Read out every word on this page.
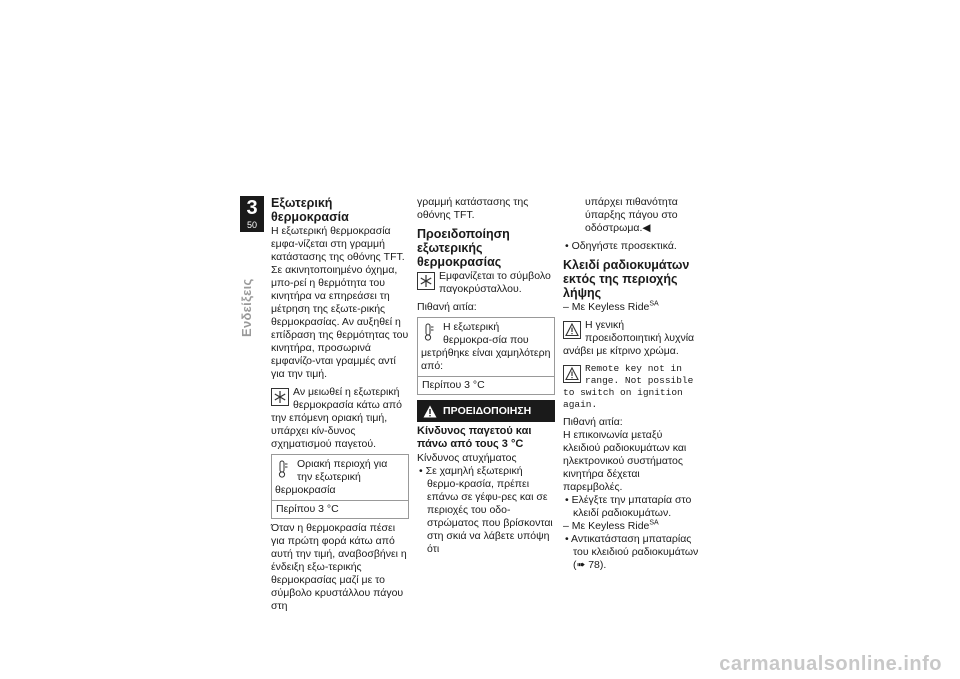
3
50
Ενδείξεις
Εξωτερική θερμοκρασία

Η εξωτερική θερμοκρασία εμφα-νίζεται στη γραμμή κατάστασης της οθόνης TFT.

Σε ακινητοποιημένο όχημα, μπο-ρεί η θερμότητα του κινητήρα να επηρεάσει τη μέτρηση της εξωτε-ρικής θερμοκρασίας. Αν αυξηθεί η επίδραση της θερμότητας του κινητήρα, προσωρινά εμφανίζο-νται γραμμές αντί για την τιμή.

Αν μειωθεί η εξωτερική θερμοκρασία κάτω από την επόμενη οριακή τιμή, υπάρχει κίν-δυνος σχηματισμού παγετού.

Οριακή περιοχή για την εξωτερική θερμοκρασία
Περίπου 3 °C

Όταν η θερμοκρασία πέσει για πρώτη φορά κάτω από αυτή την τιμή, αναβοσβήνει η ένδειξη εξω-τερικής θερμοκρασίας μαζί με το σύμβολο κρυστάλλου πάγου στη

γραμμή κατάστασης της οθόνης TFT.

Προειδοποίηση εξωτερικής θερμοκρασίας

Εμφανίζεται το σύμβολο παγοκρύσταλλου.

Πιθανή αιτία:

Η εξωτερική θερμοκρα-σία που μετρήθηκε είναι χαμηλότερη από:
Περίπου 3 °C
ΠΡΟΕΙΔΟΠΟΙΗΣΗ
Κίνδυνος παγετού και πάνω από τους 3 °C

Κίνδυνος ατυχήματος

• Σε χαμηλή εξωτερική θερμο-κρασία, πρέπει επάνω σε γέφυ-ρες και σε περιοχές του οδο-στρώματος που βρίσκονται στη σκιά να λάβετε υπόψη ότι

υπάρχει πιθανότητα ύπαρξης πάγου στο οδόστρωμα.◀

• Οδηγήστε προσεκτικά.

Κλειδί ραδιοκυμάτων εκτός της περιοχής λήψης

– Με Keyless Ride$^{SA}$

Η γενική προειδοποιητική λυχνία ανάβει με κίτρινο χρώμα.

Remote key not in range. Not possible to switch on ignition again.

Πιθανή αιτία:

Η επικοινωνία μεταξύ κλειδιού ραδιοκυμάτων και ηλεκτρονικού συστήματος κινητήρα δέχεται παρεμβολές.

• Ελέγξτε την μπαταρία στο κλειδί ραδιοκυμάτων.

– Με Keyless Ride$^{SA}$

• Αντικατάσταση μπαταρίας του κλειδιού ραδιοκυμάτων (➠ 78).

carmanualsonline.info
